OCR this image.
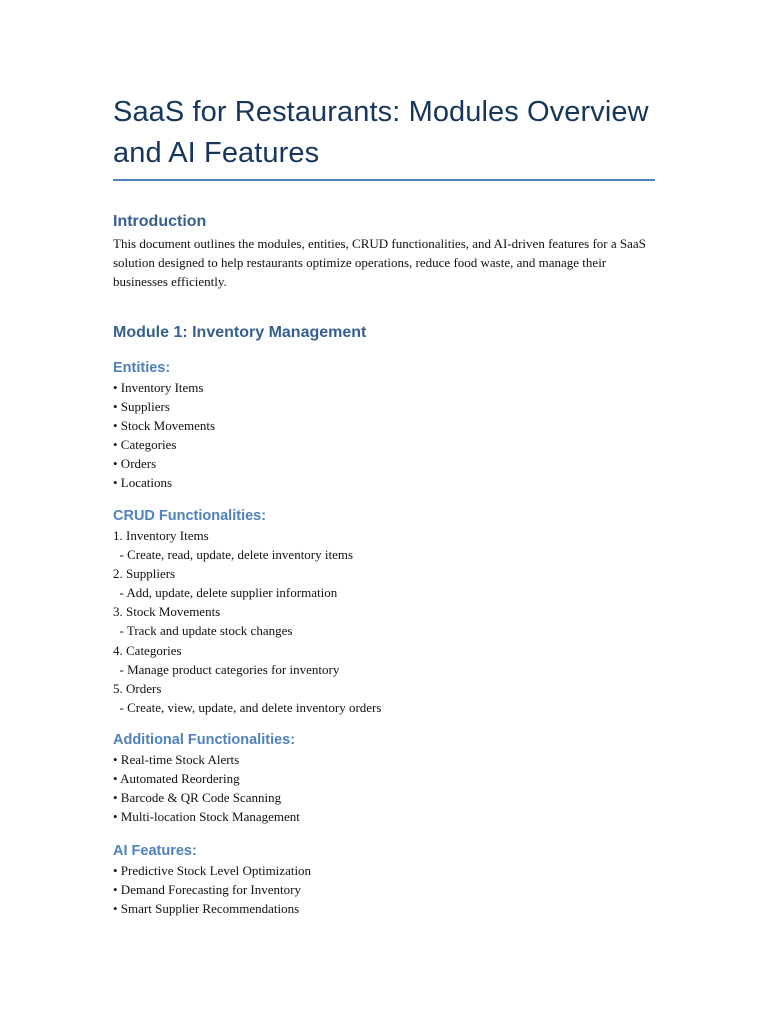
SaaS for Restaurants: Modules Overview and AI Features
Introduction
This document outlines the modules, entities, CRUD functionalities, and AI-driven features for a SaaS solution designed to help restaurants optimize operations, reduce food waste, and manage their businesses efficiently.
Module 1: Inventory Management
Entities:
• Inventory Items
• Suppliers
• Stock Movements
• Categories
• Orders
• Locations
CRUD Functionalities:
1. Inventory Items
- Create, read, update, delete inventory items
2. Suppliers
- Add, update, delete supplier information
3. Stock Movements
- Track and update stock changes
4. Categories
- Manage product categories for inventory
5. Orders
- Create, view, update, and delete inventory orders
Additional Functionalities:
• Real-time Stock Alerts
• Automated Reordering
• Barcode & QR Code Scanning
• Multi-location Stock Management
AI Features:
• Predictive Stock Level Optimization
• Demand Forecasting for Inventory
• Smart Supplier Recommendations
